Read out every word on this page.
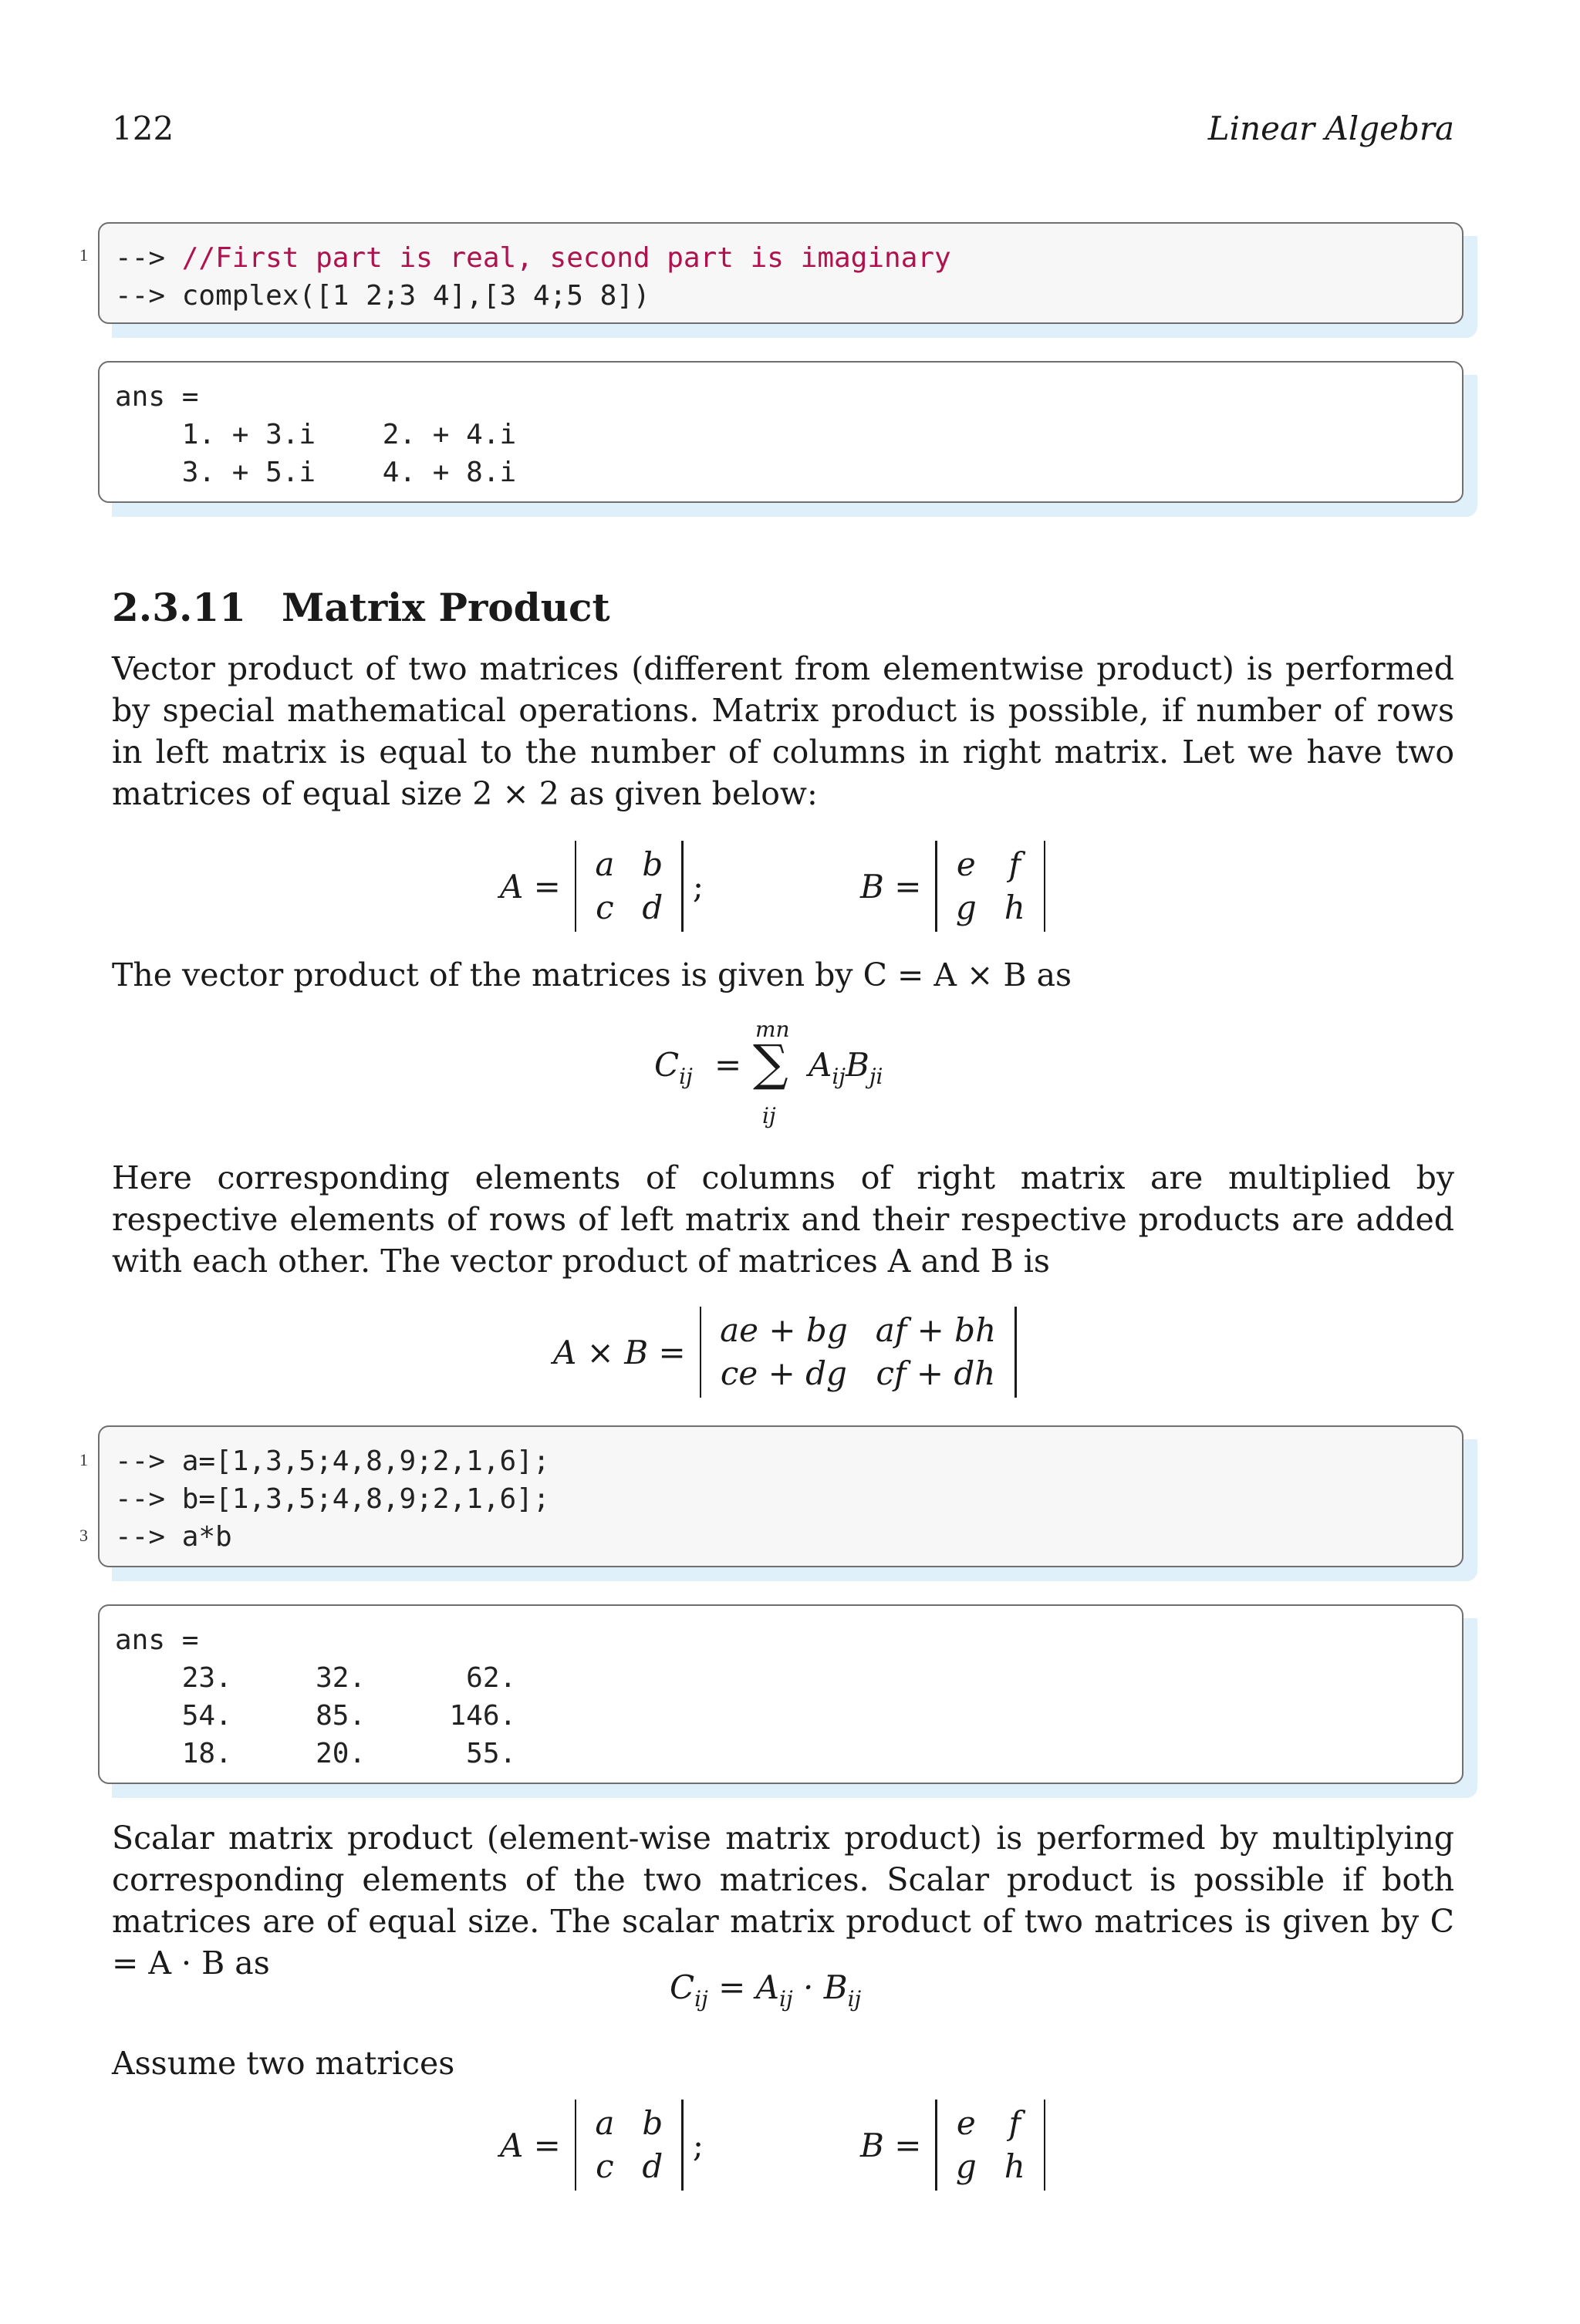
122	Linear Algebra
1 --> //First part is real, second part is imaginary
--> complex([1 2;3 4],[3 4;5 8])
ans =
1. + 3.i    2. + 4.i
3. + 5.i    4. + 8.i
2.3.11 Matrix Product
Vector product of two matrices (different from elementwise product) is performed by special mathematical operations. Matrix product is possible, if number of rows in left matrix is equal to the number of columns in right matrix. Let we have two matrices of equal size 2 × 2 as given below:
A =
a b
c d
;	B =
e f
g h
The vector product of the matrices is given by C = A × B as
$C_{ij}$ =
mn
∑
ij
$A_{ij}B_{ji}$
Here corresponding elements of columns of right matrix are multiplied by respective elements of rows of left matrix and their respective products are added with each other. The vector product of matrices A and B is
A × B =
ae + bg af + bh
ce + dg cf + dh
1
3
--> a=[1,3,5;4,8,9;2,1,6];
--> b=[1,3,5;4,8,9;2,1,6];
--> a*b
ans =
23.     32.      62.
54.     85.     146.
18.     20.      55.
Scalar matrix product (element-wise matrix product) is performed by multiplying corresponding elements of the two matrices. Scalar product is possible if both matrices are of equal size. The scalar matrix product of two matrices is given by C = A · B as
$C_{ij} = A_{ij} \cdot B_{ij}$
Assume two matrices
A =
a b
c d
;	B =
e f
g h
